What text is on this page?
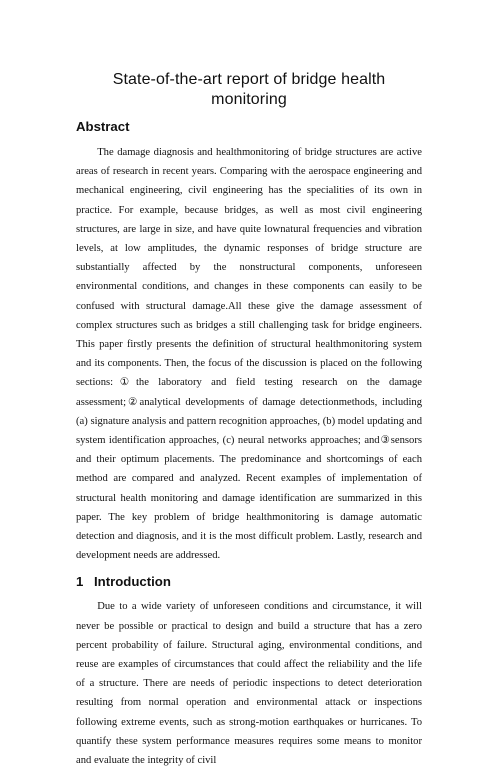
State-of-the-art report of bridge health monitoring
Abstract

The damage diagnosis and healthmonitoring of bridge structures are active areas of research in recent years. Comparing with the aerospace engineering and mechanical engineering, civil engineering has the specialities of its own in practice. For example, because bridges, as well as most civil engineering structures, are large in size, and have quite lownatural frequencies and vibration levels, at low amplitudes, the dynamic responses of bridge structure are substantially affected by the nonstructural components, unforeseen environmental conditions, and changes in these components can easily to be confused with structural damage.All these give the damage assessment of complex structures such as bridges a still challenging task for bridge engineers. This paper firstly presents the definition of structural healthmonitoring system and its components. Then, the focus of the discussion is placed on the following sections:①the laboratory and field testing research on the damage assessment;②analytical developments of damage detectionmethods, including (a) signature analysis and pattern recognition approaches, (b) model updating and system identification approaches, (c) neural networks approaches; and③sensors and their optimum placements. The predominance and shortcomings of each method are compared and analyzed. Recent examples of implementation of structural health monitoring and damage identification are summarized in this paper. The key problem of bridge healthmonitoring is damage automatic detection and diagnosis, and it is the most difficult problem. Lastly, research and development needs are addressed.

1 Introduction

Due to a wide variety of unforeseen conditions and circumstance, it will never be possible or practical to design and build a structure that has a zero percent probability of failure. Structural aging, environmental conditions, and reuse are examples of circumstances that could affect the reliability and the life of a structure. There are needs of periodic inspections to detect deterioration resulting from normal operation and environmental attack or inspections following extreme events, such as strong-motion earthquakes or hurricanes. To quantify these system performance measures requires some means to monitor and evaluate the integrity of civil
